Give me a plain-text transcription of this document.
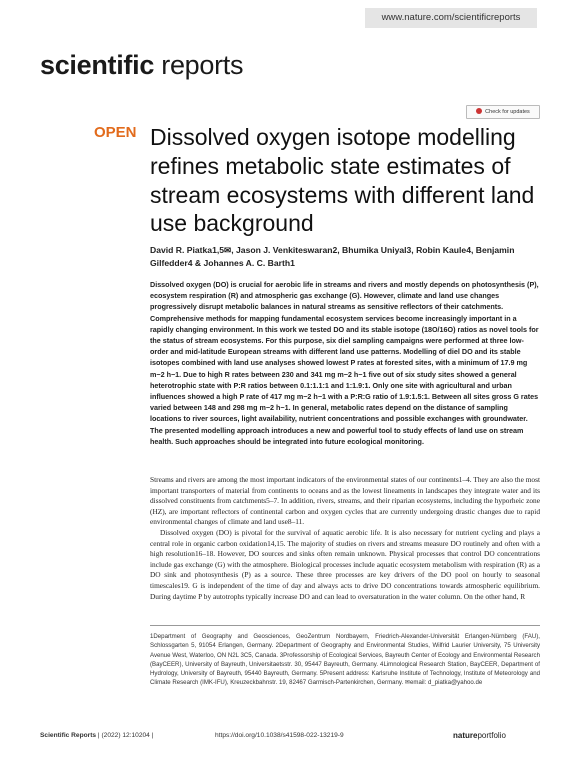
www.nature.com/scientificreports
scientific reports
Check for updates
OPEN Dissolved oxygen isotope modelling refines metabolic state estimates of stream ecosystems with different land use background

David R. Piatka1,5✉, Jason J. Venkiteswaran2, Bhumika Uniyal3, Robin Kaule4, Benjamin Gilfedder4 & Johannes A. C. Barth1

Dissolved oxygen (DO) is crucial for aerobic life in streams and rivers and mostly depends on photosynthesis (P), ecosystem respiration (R) and atmospheric gas exchange (G). However, climate and land use changes progressively disrupt metabolic balances in natural streams as sensitive reflectors of their catchments. Comprehensive methods for mapping fundamental ecosystem services become increasingly important in a rapidly changing environment. In this work we tested DO and its stable isotope (18O/16O) ratios as novel tools for the status of stream ecosystems. For this purpose, six diel sampling campaigns were performed at three low-order and mid-latitude European streams with different land use patterns. Modelling of diel DO and its stable isotopes combined with land use analyses showed lowest P rates at forested sites, with a minimum of 17.9 mg m−2 h−1. Due to high R rates between 230 and 341 mg m−2 h−1 five out of six study sites showed a general heterotrophic state with P:R ratios between 0.1:1.1:1 and 1:1.9:1. Only one site with agricultural and urban influences showed a high P rate of 417 mg m−2 h−1 with a P:R:G ratio of 1.9:1.5:1. Between all sites gross G rates varied between 148 and 298 mg m−2 h−1. In general, metabolic rates depend on the distance of sampling locations to river sources, light availability, nutrient concentrations and possible exchanges with groundwater. The presented modelling approach introduces a new and powerful tool to study effects of land use on stream health. Such approaches should be integrated into future ecological monitoring.

Streams and rivers are among the most important indicators of the environmental states of our continents1–4. They are also the most important transporters of material from continents to oceans and as the lowest lineaments in landscapes they integrate water and its dissolved constituents from catchments5–7. In addition, rivers, streams, and their riparian ecosystems, including the hyporheic zone (HZ), are important reflectors of continental carbon and oxygen cycles that are currently undergoing drastic changes due to rapid environmental changes of climate and land use8–11.

Dissolved oxygen (DO) is pivotal for the survival of aquatic aerobic life. It is also necessary for nutrient cycling and plays a central role in organic carbon oxidation14,15. The majority of studies on rivers and streams measure DO routinely and often with a high resolution16–18. However, DO sources and sinks often remain unknown. Physical processes that control DO concentrations include gas exchange (G) with the atmosphere. Biological processes include aquatic ecosystem metabolism with respiration (R) as a DO sink and photosynthesis (P) as a source. These three processes are key drivers of the DO pool on hourly to seasonal timescales19. G is independent of the time of day and always acts to drive DO concentrations towards atmospheric equilibrium. During daytime P by autotrophs typically increase DO and can lead to oversaturation in the water column. On the other hand, R

1Department of Geography and Geosciences, GeoZentrum Nordbayern, Friedrich-Alexander-Universität Erlangen-Nürnberg (FAU), Schlossgarten 5, 91054 Erlangen, Germany. 2Department of Geography and Environmental Studies, Wilfrid Laurier University, 75 University Avenue West, Waterloo, ON N2L 3C5, Canada. 3Professorship of Ecological Services, Bayreuth Center of Ecology and Environmental Research (BayCEER), University of Bayreuth, Universitaetsstr. 30, 95447 Bayreuth, Germany. 4Limnological Research Station, BayCEER, Department of Hydrology, University of Bayreuth, 95440 Bayreuth, Germany. 5Present address: Karlsruhe Institute of Technology, Institute of Meteorology and Climate Research (IMK-IFU), Kreuzeckbahnstr. 19, 82467 Garmisch-Partenkirchen, Germany. ✉email: d_piatka@yahoo.de

Scientific Reports | (2022) 12:10204 |	https://doi.org/10.1038/s41598-022-13219-9	natureportfolio
